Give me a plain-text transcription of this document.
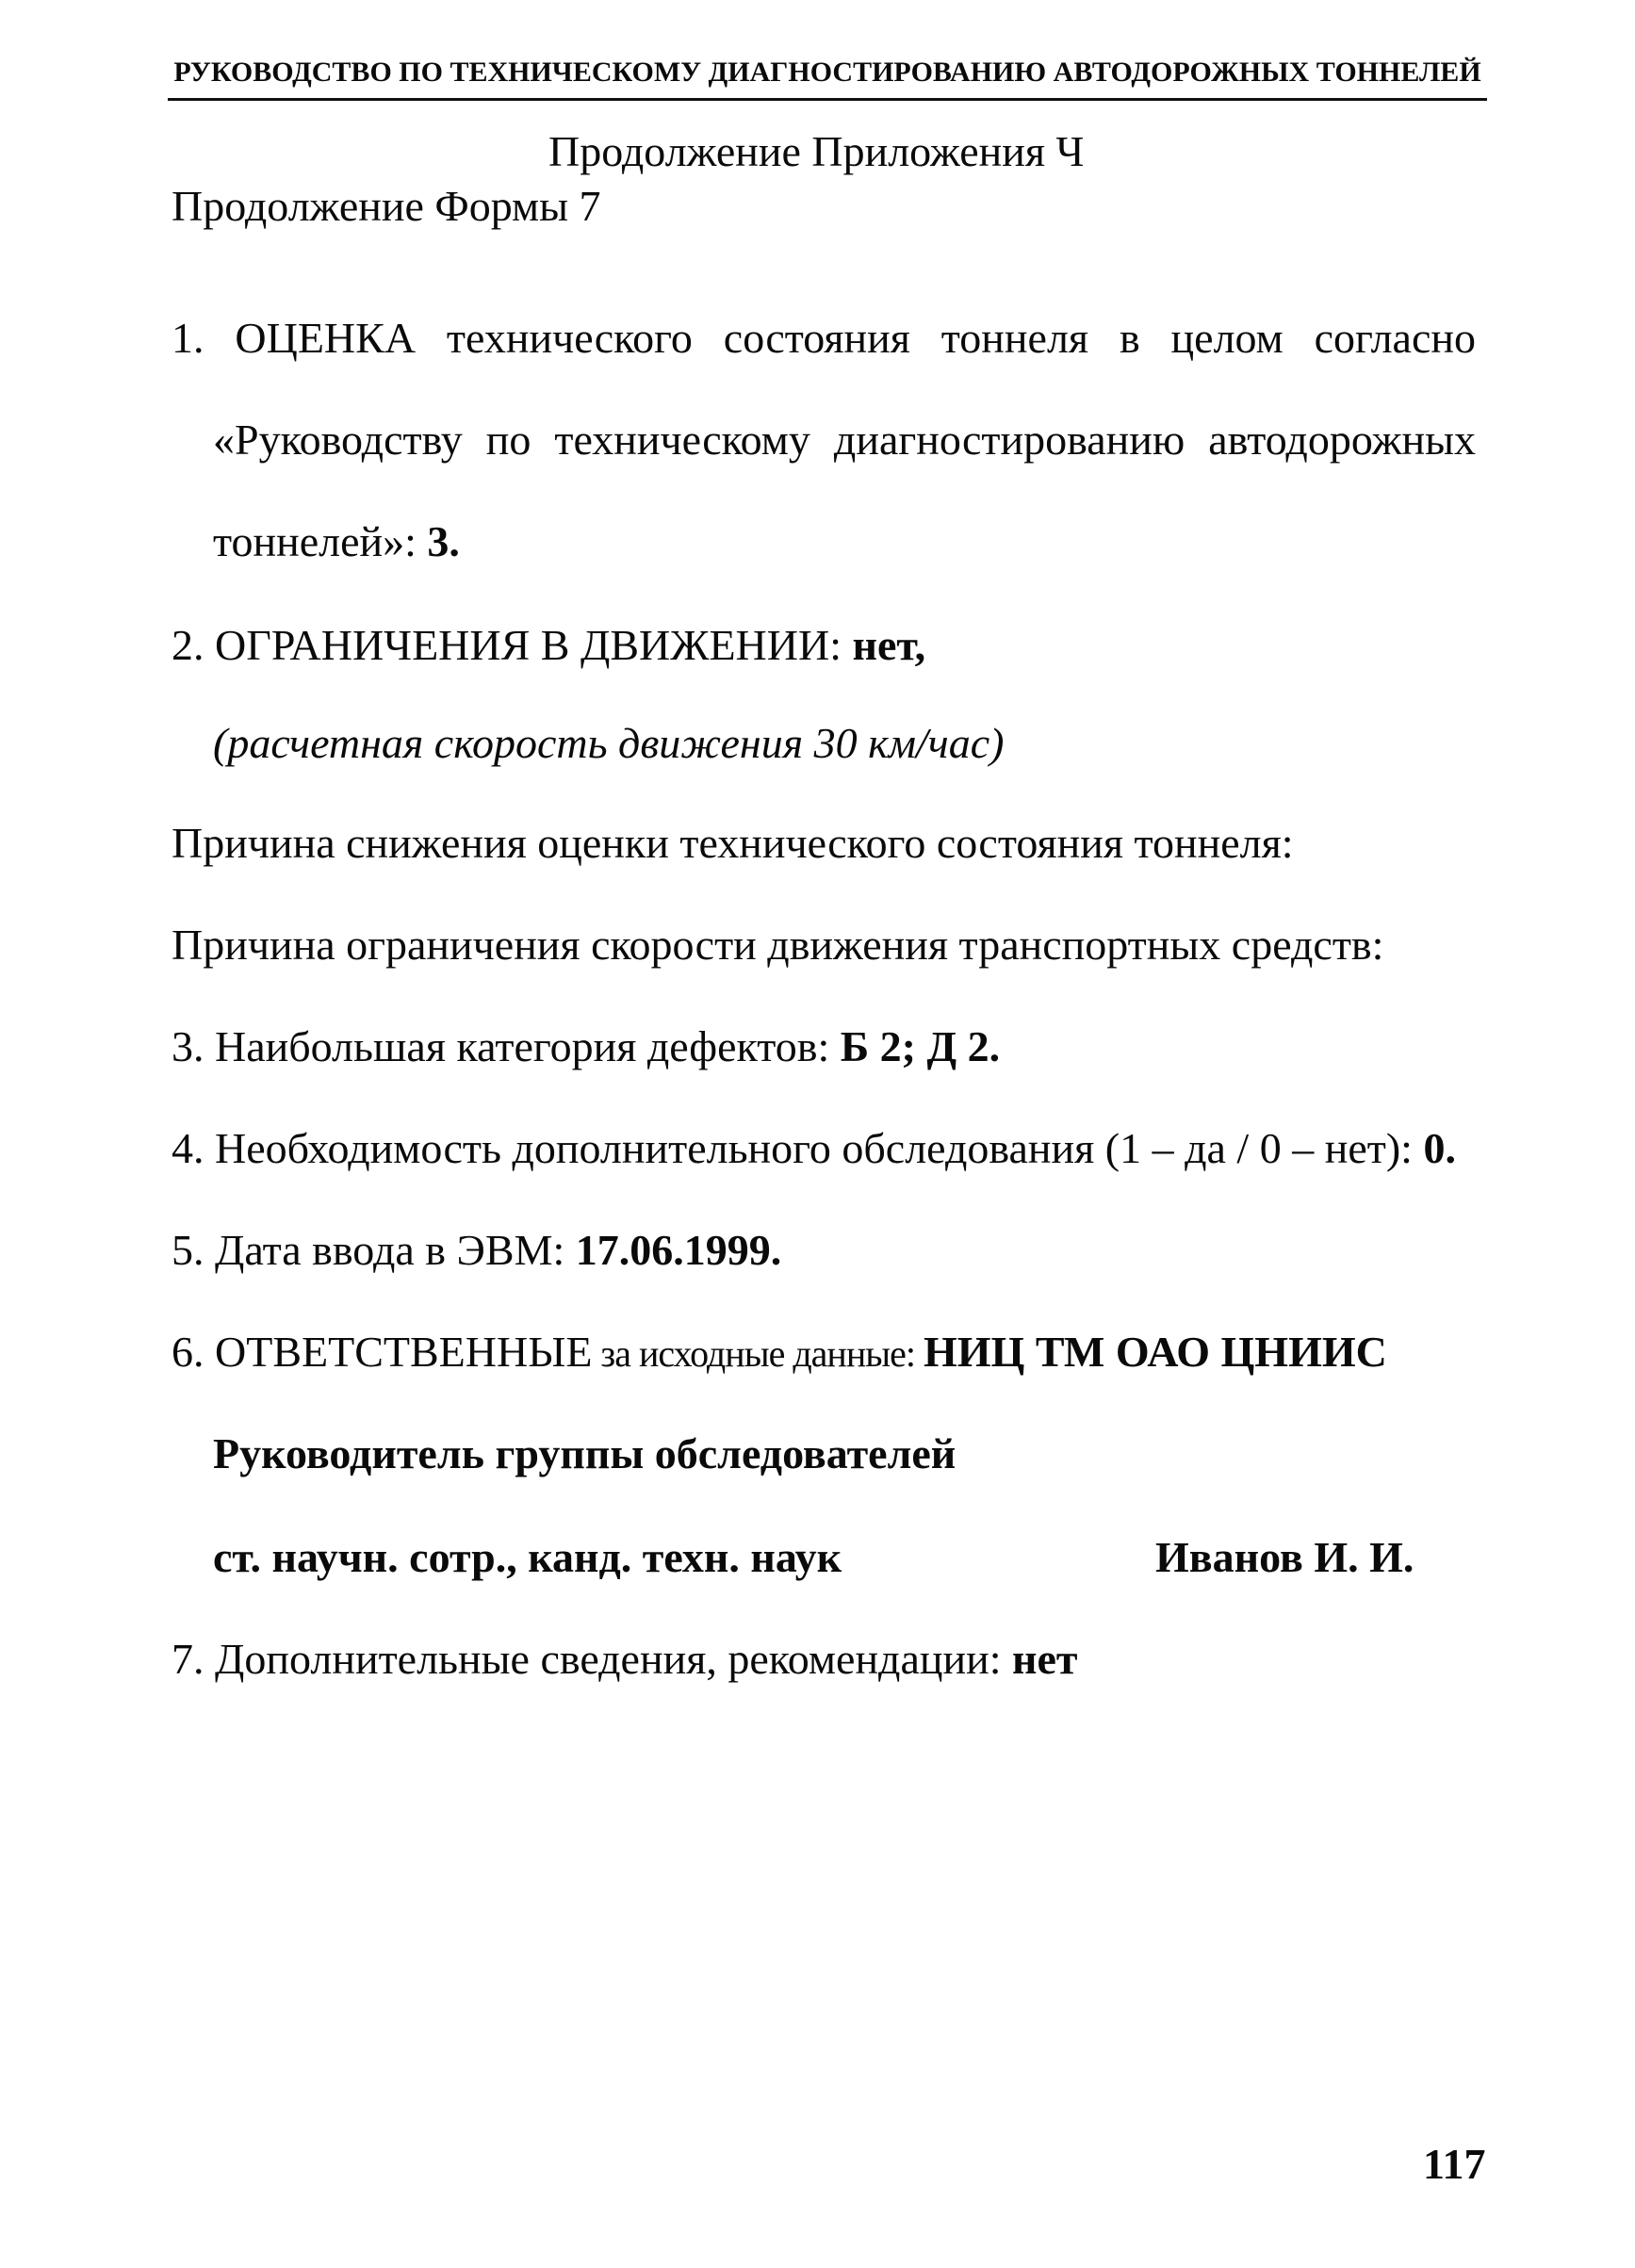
РУКОВОДСТВО ПО ТЕХНИЧЕСКОМУ ДИАГНОСТИРОВАНИЮ АВТОДОРОЖНЫХ ТОННЕЛЕЙ
Продолжение Приложения Ч
Продолжение Формы 7
1. ОЦЕНКА технического состояния тоннеля в целом согласно
«Руководству по техническому диагностированию автодорожных
тоннелей»: 3.
2. ОГРАНИЧЕНИЯ В ДВИЖЕНИИ: нет,
(расчетная скорость движения 30 км/час)
Причина снижения оценки технического состояния тоннеля:
Причина ограничения скорости движения транспортных средств:
3. Наибольшая категория дефектов: Б 2; Д 2.
4. Необходимость дополнительного обследования (1 – да / 0 – нет): 0.
5. Дата ввода в ЭВМ: 17.06.1999.
6. ОТВЕТСТВЕННЫЕ за исходные данные: НИЦ ТМ ОАО ЦНИИС
Руководитель группы обследователей
ст. научн. сотр., канд. техн. наук	Иванов И. И.
7. Дополнительные сведения, рекомендации: нет
117
